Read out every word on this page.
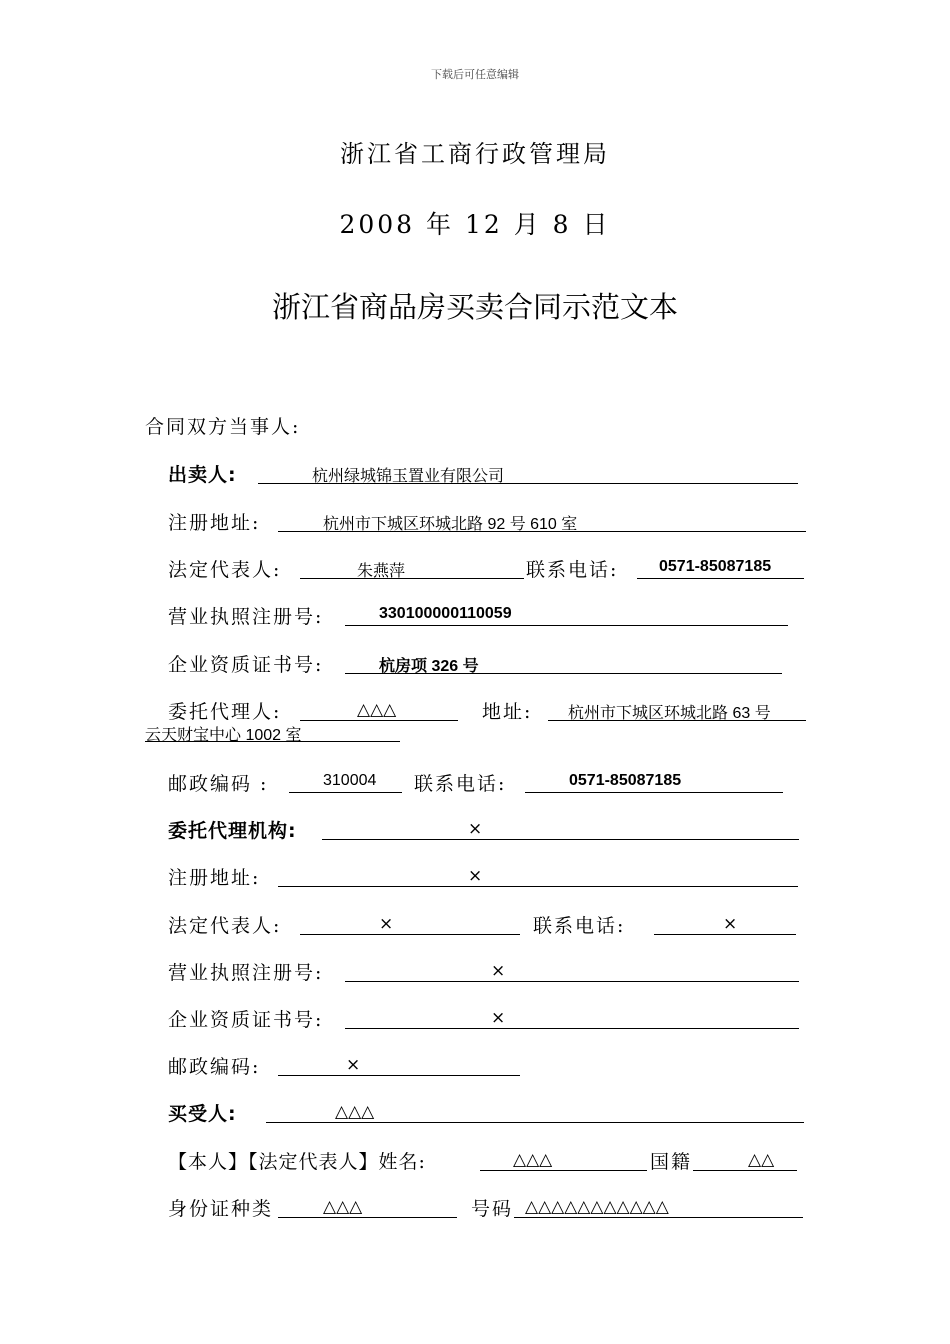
下载后可任意编辑
浙江省工商行政管理局
2008 年 12 月 8 日
浙江省商品房买卖合同示范文本
合同双方当事人:
出卖人:	杭州绿城锦玉置业有限公司
注册地址:	杭州市下城区环城北路 92 号 610 室
法定代表人:	朱燕萍	联系电话:	0571-85087185
营业执照注册号:	330100000110059
企业资质证书号:	杭房项 326 号
委托代理人:	△△△	地址: 杭州市下城区环城北路 63 号
云天财宝中心 1002 室
邮政编码 :	310004 联系电话:	0571-85087185
委托代理机构:	×
注册地址:	×
法定代表人:	×	联系电话:	×
营业执照注册号:	×
企业资质证书号:	×
邮政编码:	×
买受人:	△△△
【本人】【法定代表人】姓名:	△△△	国籍	△△
身份证种类	△△△	号码 △△△△△△△△△△△
